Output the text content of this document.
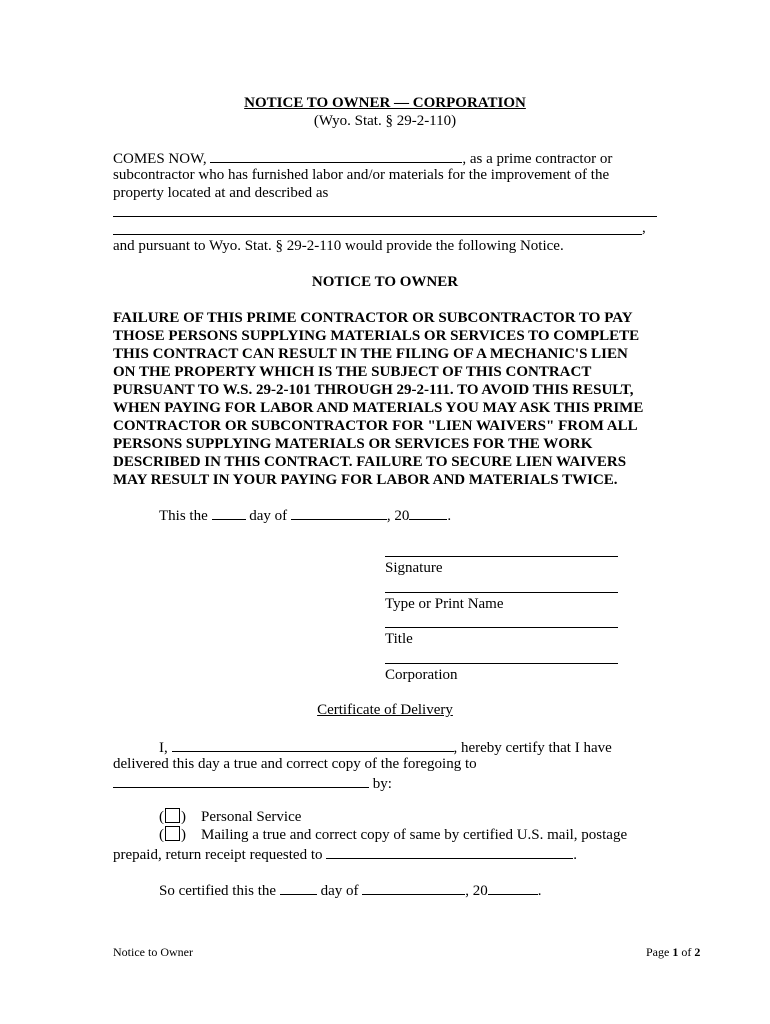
NOTICE TO OWNER — CORPORATION
(Wyo. Stat. § 29-2-110)
COMES NOW,	, as a prime contractor or
subcontractor who has furnished labor and/or materials for the improvement of the
property located at and described as
,
and pursuant to Wyo. Stat. § 29-2-110 would provide the following Notice.
NOTICE TO OWNER
FAILURE OF THIS PRIME CONTRACTOR OR SUBCONTRACTOR TO PAY
THOSE PERSONS SUPPLYING MATERIALS OR SERVICES TO COMPLETE
THIS CONTRACT CAN RESULT IN THE FILING OF A MECHANIC'S LIEN
ON THE PROPERTY WHICH IS THE SUBJECT OF THIS CONTRACT
PURSUANT TO W.S. 29-2-101 THROUGH 29-2-111. TO AVOID THIS RESULT,
WHEN PAYING FOR LABOR AND MATERIALS YOU MAY ASK THIS PRIME
CONTRACTOR OR SUBCONTRACTOR FOR "LIEN WAIVERS" FROM ALL
PERSONS SUPPLYING MATERIALS OR SERVICES FOR THE WORK
DESCRIBED IN THIS CONTRACT. FAILURE TO SECURE LIEN WAIVERS
MAY RESULT IN YOUR PAYING FOR LABOR AND MATERIALS TWICE.
This the	day of	, 20	.
Signature
Type or Print Name
Title
Corporation
Certificate of Delivery
I,	, hereby certify that I have
delivered this day a true and correct copy of the foregoing to
by:
( )    Personal Service
( )    Mailing a true and correct copy of same by certified U.S. mail, postage
prepaid, return receipt requested to	.
So certified this the	day of	, 20	.
Notice to Owner	Page 1 of 2
